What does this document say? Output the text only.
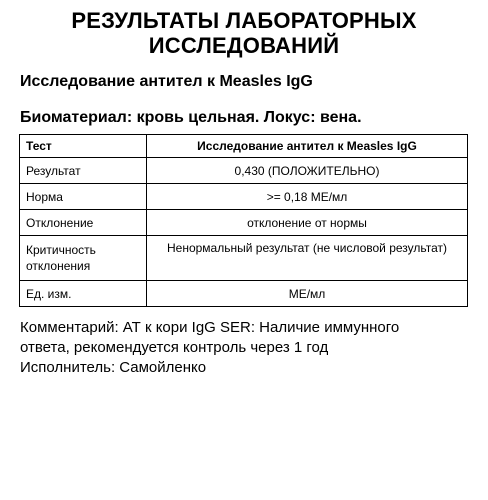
РЕЗУЛЬТАТЫ ЛАБОРАТОРНЫХ
ИССЛЕДОВАНИЙ

Исследование антител к Measles IgG

Биоматериал: кровь цельная. Локус: вена.

Тест	Исследование антител к Measles IgG
Результат	0,430 (ПОЛОЖИТЕЛЬНО)
Норма	>= 0,18 МЕ/мл
Отклонение	отклонение от нормы
Критичность
отклонения	Ненормальный результат (не числовой результат)
Ед. изм.	МЕ/мл
Комментарий: АТ к кори IgG SER: Наличие иммунного
ответа, рекомендуется контроль через 1 год
Исполнитель: Самойленко
